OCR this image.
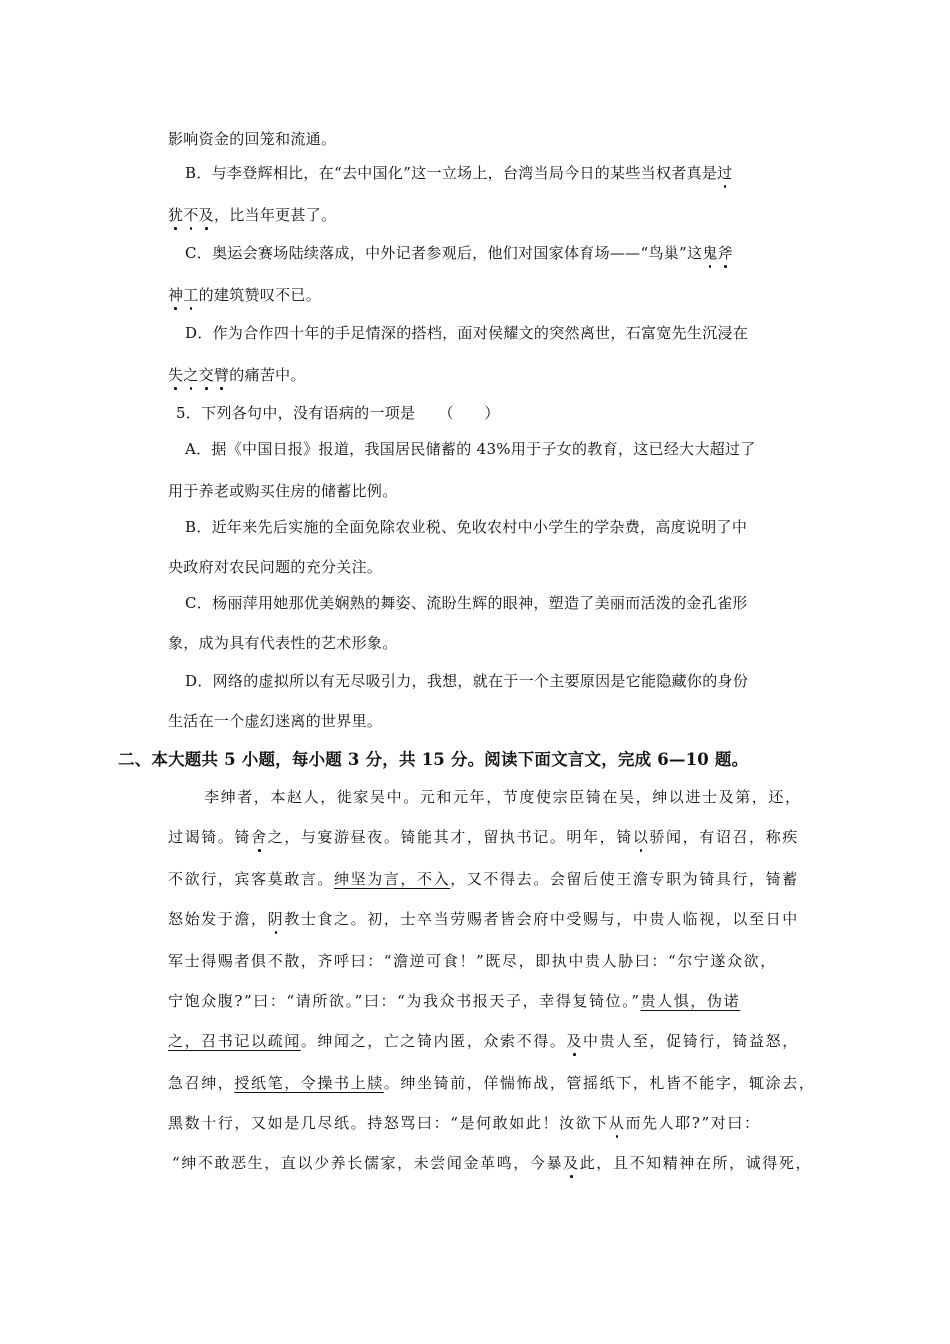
影响资金的回笼和流通。
B．与李登辉相比，在“去中国化”这一立场上，台湾当局今日的某些当权者真是过
犹不及，比当年更甚了。
C．奥运会赛场陆续落成，中外记者参观后，他们对国家体育场——“鸟巢”这鬼斧
神工的建筑赞叹不已。
D．作为合作四十年的手足情深的搭档，面对侯耀文的突然离世，石富宽先生沉浸在
失之交臂的痛苦中。
5．下列各句中，没有语病的一项是　　（　　）
A．据《中国日报》报道，我国居民储蓄的 43%用于子女的教育，这已经大大超过了
用于养老或购买住房的储蓄比例。
B．近年来先后实施的全面免除农业税、免收农村中小学生的学杂费，高度说明了中
央政府对农民问题的充分关注。
C．杨丽萍用她那优美娴熟的舞姿、流盼生辉的眼神，塑造了美丽而活泼的金孔雀形
象，成为具有代表性的艺术形象。
D．网络的虚拟所以有无尽吸引力，我想，就在于一个主要原因是它能隐藏你的身份
生活在一个虚幻迷离的世界里。
二、本大题共 5 小题，每小题 3 分，共 15 分。阅读下面文言文，完成 6—10 题。
李绅者，本赵人，徙家吴中。元和元年，节度使宗臣锜在吴，绅以进士及第，还，
过谒锜。锜舍之，与宴游昼夜。锜能其才，留执书记。明年，锜以骄闻，有诏召，称疾
不欲行，宾客莫敢言。绅坚为言，不入，又不得去。会留后使王澹专职为锜具行，锜蓄
怒始发于澹，阴教士食之。初，士卒当劳赐者皆会府中受赐与，中贵人临视，以至日中
军士得赐者俱不散，齐呼曰：“澹逆可食！”既尽，即执中贵人胁曰：“尔宁遂众欲，
宁饱众腹?”曰：“请所欲。”曰：“为我众书报天子，幸得复锜位。”贵人惧，伪诺
之，召书记以疏闻。绅闻之，亡之锜内匿，众索不得。及中贵人至，促锜行，锜益怒，
急召绅，授纸笔，令操书上牍。绅坐锜前，佯惴怖战，管摇纸下，札皆不能字，辄涂去，
黑数十行，又如是几尽纸。持怒骂曰：“是何敢如此！汝欲下从而先人耶?”对曰：
“绅不敢恶生，直以少养长儒家，未尝闻金革鸣，今暴及此，且不知精神在所，诚得死，
